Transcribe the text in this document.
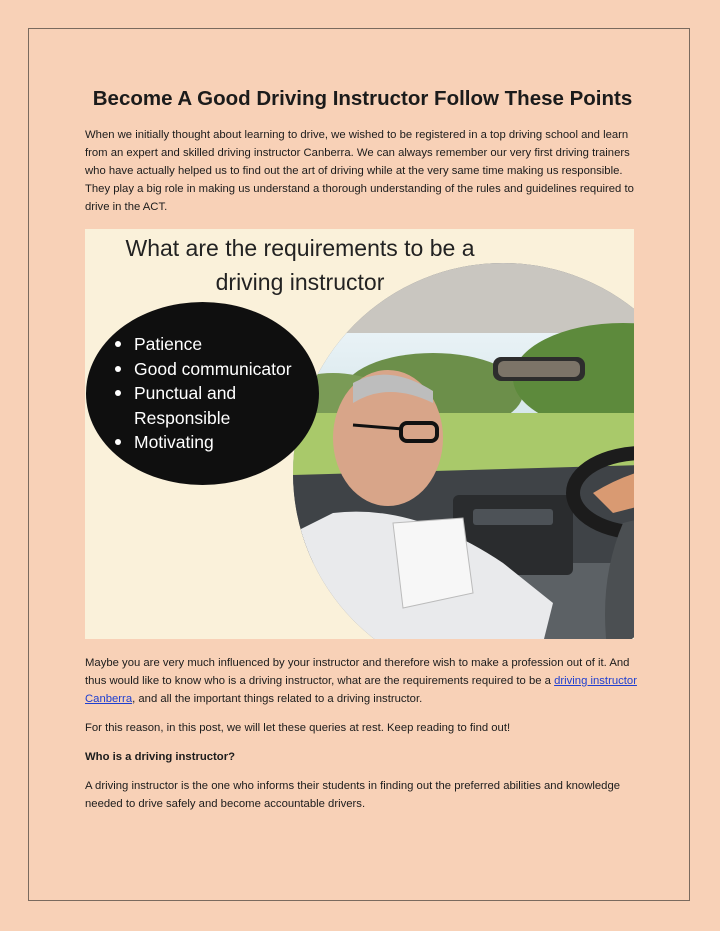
Become A Good Driving Instructor Follow These Points

When we initially thought about learning to drive, we wished to be registered in a top driving school and learn from an expert and skilled driving instructor Canberra. We can always remember our very first driving trainers who have actually helped us to find out the art of driving while at the very same time making us responsible. They play a big role in making us understand a thorough understanding of the rules and guidelines required to drive in the ACT.

What are the requirements to be a
driving instructor
Patience
Good communicator
Punctual and Responsible
Motivating

Maybe you are very much influenced by your instructor and therefore wish to make a profession out of it. And thus would like to know who is a driving instructor, what are the requirements required to be a driving instructor Canberra, and all the important things related to a driving instructor.

For this reason, in this post, we will let these queries at rest. Keep reading to find out!

Who is a driving instructor?

A driving instructor is the one who informs their students in finding out the preferred abilities and knowledge needed to drive safely and become accountable drivers.
